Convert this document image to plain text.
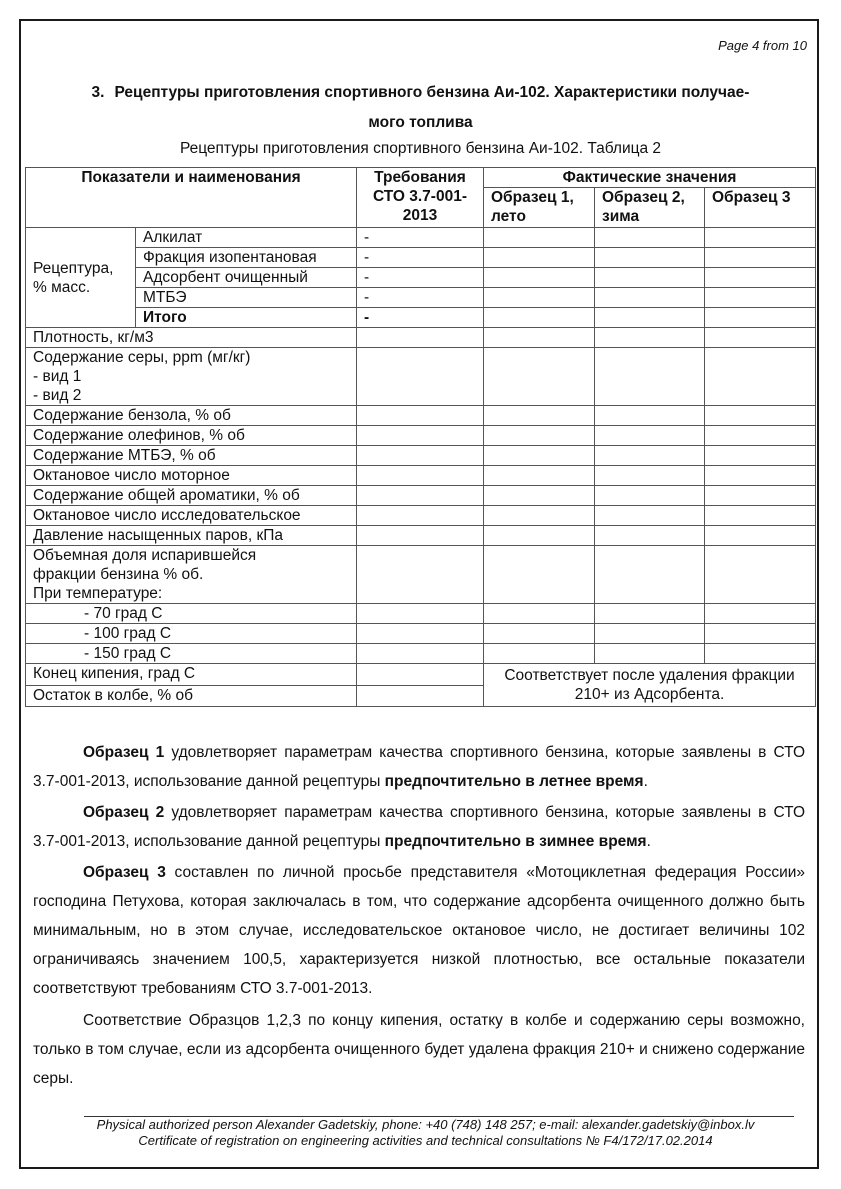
Page 4 from 10
3. Рецептуры приготовления спортивного бензина Аи-102. Характеристики получае-
мого топлива
Рецептуры приготовления спортивного бензина Аи-102. Таблица 2
Показатели и наименования		Требования СТО 3.7-001-2013	Фактические значения		
			Образец 1, лето	Образец 2, зима	Образец 3
Рецептура, % масс.	Алкилат	-			
	Фракция изопентановая	-			
	Адсорбент очищенный	-			
	МТБЭ	-			
	Итого	-			
Плотность, кг/м3					

Содержание серы, ppm (мг/кг)
- вид 1
- вид 2					

Содержание бензола, % об					
Содержание олефинов, % об					
Содержание МТБЭ, % об					
Октановое число моторное					
Содержание общей ароматики, % об					
Октановое число исследовательское					
Давление насыщенных паров, кПа					

Объемная доля испарившейся
фракции бензина % об.
При температуре:					

- 70 град С					
- 100 град С					
- 150 град С					
Конец кипения, град С			Соответствует после удаления фракции 210+ из Адсорбента.		
Остаток в колбе, % об					
Образец 1 удовлетворяет параметрам качества спортивного бензина, которые заявлены в СТО 3.7-001-2013, использование данной рецептуры предпочтительно в летнее время.
Образец 2 удовлетворяет параметрам качества спортивного бензина, которые заявлены в СТО 3.7-001-2013, использование данной рецептуры предпочтительно в зимнее время.
Образец 3 составлен по личной просьбе представителя «Мотоциклетная федерация России» господина Петухова, которая заключалась в том, что содержание адсорбента очищенного должно быть минимальным, но в этом случае, исследовательское октановое число, не достигает величины 102 ограничиваясь значением 100,5, характеризуется низкой плотностью, все остальные показатели соответствуют требованиям СТО 3.7-001-2013.
Соответствие Образцов 1,2,3 по концу кипения, остатку в колбе и содержанию серы возможно, только в том случае, если из адсорбента очищенного будет удалена фракция 210+ и снижено содержание серы.
Physical authorized person Alexander Gadetskiy, phone: +40 (748) 148 257; e-mail: alexander.gadetskiy@inbox.lv
Certificate of registration on engineering activities and technical consultations № F4/172/17.02.2014
